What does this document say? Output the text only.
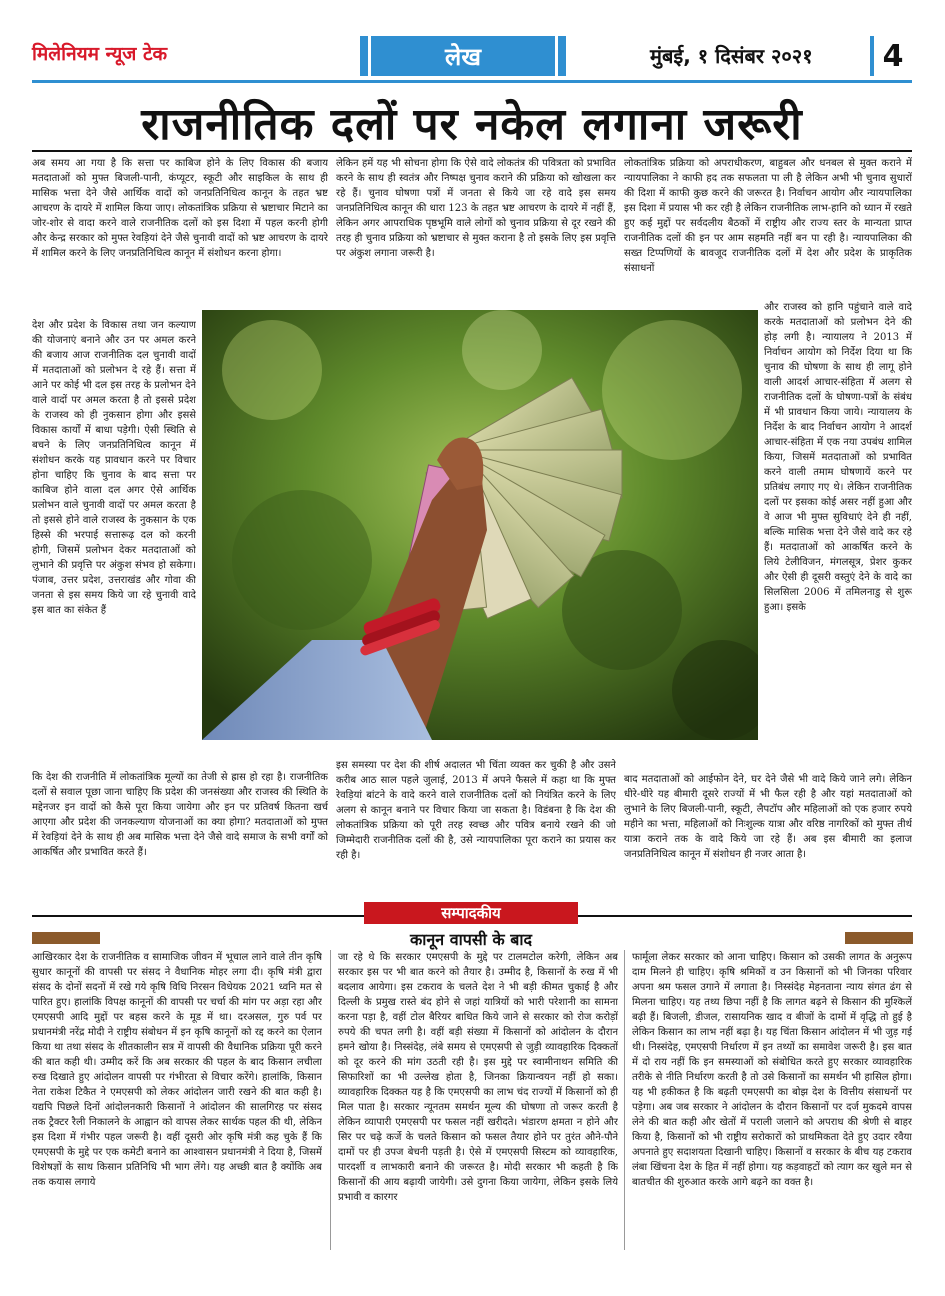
मिलेनियम न्यूज टेक	लेख	मुंबई, १ दिसंबर २०२१ 4
राजनीतिक दलों पर नकेल लगाना जरूरी

अब समय आ गया है कि सत्ता पर काबिज होने के लिए विकास की बजाय मतदाताओं को मुफ्त बिजली-पानी, कंप्यूटर, स्कूटी और साइकिल के साथ ही मासिक भत्ता देने जैसे आर्थिक वादों को जनप्रतिनिधित्व कानून के तहत भ्रष्ट आचरण के दायरे में शामिल किया जाए। लोकतांत्रिक प्रक्रिया से भ्रष्टाचार मिटाने का जोर-शोर से वादा करने वाले राजनीतिक दलों को इस दिशा में पहल करनी होगी और केन्द्र सरकार को मुफ्त रेवड़ियां देने जैसे चुनावी वादों को भ्रष्ट आचरण के दायरे में शामिल करने के लिए जनप्रतिनिधित्व कानून में संशोधन करना होगा।

देश और प्रदेश के विकास तथा जन कल्याण की योजनाएं बनाने और उन पर अमल करने की बजाय आज राजनीतिक दल चुनावी वादों में मतदाताओं को प्रलोभन दे रहे हैं। सत्ता में आने पर कोई भी दल इस तरह के प्रलोभन देने वाले वादों पर अमल करता है तो इससे प्रदेश के राजस्व को ही नुकसान होगा और इससे विकास कार्यों में बाधा पड़ेगी। ऐसी स्थिति से बचने के लिए जनप्रतिनिधित्व कानून में संशोधन करके यह प्रावधान करने पर विचार होना चाहिए कि चुनाव के बाद सत्ता पर काबिज होने वाला दल अगर ऐसे आर्थिक प्रलोभन वाले चुनावी वादों पर अमल करता है तो इससे होने वाले राजस्व के नुकसान के एक हिस्से की भरपाई सत्तारूढ़ दल को करनी होगी, जिसमें प्रलोभन देकर मतदाताओं को लुभाने की प्रवृत्ति पर अंकुश संभव हो सकेगा। पंजाब, उत्तर प्रदेश, उत्तराखंड और गोवा की जनता से इस समय किये जा रहे चुनावी वादे इस बात का संकेत हैं

कि देश की राजनीति में लोकतांत्रिक मूल्यों का तेजी से ह्रास हो रहा है। राजनीतिक दलों से सवाल पूछा जाना चाहिए कि प्रदेश की जनसंख्या और राजस्व की स्थिति के मद्देनजर इन वादों को कैसे पूरा किया जायेगा और इन पर प्रतिवर्ष कितना खर्च आएगा और प्रदेश की जनकल्याण योजनाओं का क्या होगा? मतदाताओं को मुफ्त में रेवड़ियां देने के साथ ही अब मासिक भत्ता देने जैसे वादे समाज के सभी वर्गों को आकर्षित और प्रभावित करते हैं।

लेकिन हमें यह भी सोचना होगा कि ऐसे वादे लोकतंत्र की पवित्रता को प्रभावित करने के साथ ही स्वतंत्र और निष्पक्ष चुनाव कराने की प्रक्रिया को खोखला कर रहे हैं। चुनाव घोषणा पत्रों में जनता से किये जा रहे वादे इस समय जनप्रतिनिधित्व कानून की धारा 123 के तहत भ्रष्ट आचरण के दायरे में नहीं हैं, लेकिन अगर आपराधिक पृष्ठभूमि वाले लोगों को चुनाव प्रक्रिया से दूर रखने की तरह ही चुनाव प्रक्रिया को भ्रष्टाचार से मुक्त कराना है तो इसके लिए इस प्रवृत्ति पर अंकुश लगाना जरूरी है।

इस समस्या पर देश की शीर्ष अदालत भी चिंता व्यक्त कर चुकी है और उसने करीब आठ साल पहले जुलाई, 2013 में अपने फैसले में कहा था कि मुफ्त रेवड़ियां बांटने के वादे करने वाले राजनीतिक दलों को नियंत्रित करने के लिए अलग से कानून बनाने पर विचार किया जा सकता है। विडंबना है कि देश की लोकतांत्रिक प्रक्रिया को पूरी तरह स्वच्छ और पवित्र बनाये रखने की जो जिम्मेदारी राजनीतिक दलों की है, उसे न्यायपालिका पूरा कराने का प्रयास कर रही है।

लोकतांत्रिक प्रक्रिया को अपराधीकरण, बाहुबल और धनबल से मुक्त कराने में न्यायपालिका ने काफी हद तक सफलता पा ली है लेकिन अभी भी चुनाव सुधारों की दिशा में काफी कुछ करने की जरूरत है। निर्वाचन आयोग और न्यायपालिका इस दिशा में प्रयास भी कर रही है लेकिन राजनीतिक लाभ-हानि को ध्यान में रखते हुए कई मुद्दों पर सर्वदलीय बैठकों में राष्ट्रीय और राज्य स्तर के मान्यता प्राप्त राजनीतिक दलों की इन पर आम सहमति नहीं बन पा रही है। न्यायपालिका की सख्त टिप्पणियों के बावजूद राजनीतिक दलों में देश और प्रदेश के प्राकृतिक संसाधनों

और राजस्व को हानि पहुंचाने वाले वादे करके मतदाताओं को प्रलोभन देने की होड़ लगी है। न्यायालय ने 2013 में निर्वाचन आयोग को निर्देश दिया था कि चुनाव की घोषणा के साथ ही लागू होने वाली आदर्श आचार-संहिता में अलग से राजनीतिक दलों के घोषणा-पत्रों के संबंध में भी प्रावधान किया जाये। न्यायालय के निर्देश के बाद निर्वाचन आयोग ने आदर्श आचार-संहिता में एक नया उपबंध शामिल किया, जिसमें मतदाताओं को प्रभावित करने वाली तमाम घोषणायें करने पर प्रतिबंध लगाए गए थे। लेकिन राजनीतिक दलों पर इसका कोई असर नहीं हुआ और वे आज भी मुफ्त सुविधाएं देने ही नहीं, बल्कि मासिक भत्ता देने जैसे वादे कर रहे हैं। मतदाताओं को आकर्षित करने के लिये टेलीविजन, मंगलसूत्र, प्रेशर कुकर और ऐसी ही दूसरी वस्तुएं देने के वादे का सिलसिला 2006 में तमिलनाडु से शुरू हुआ। इसके

बाद मतदाताओं को आईफोन देने, घर देने जैसे भी वादे किये जाने लगे। लेकिन धीरे-धीरे यह बीमारी दूसरे राज्यों में भी फैल रही है और यहां मतदाताओं को लुभाने के लिए बिजली-पानी, स्कूटी, लैपटॉप और महिलाओं को एक हजार रुपये महीने का भत्ता, महिलाओं को निःशुल्क यात्रा और वरिष्ठ नागरिकों को मुफ्त तीर्थ यात्रा कराने तक के वादे किये जा रहे हैं। अब इस बीमारी का इलाज जनप्रतिनिधित्व कानून में संशोधन ही नजर आता है।

सम्पादकीय
कानून वापसी के बाद

आखिरकार देश के राजनीतिक व सामाजिक जीवन में भूचाल लाने वाले तीन कृषि सुधार कानूनों की वापसी पर संसद ने वैधानिक मोहर लगा दी। कृषि मंत्री द्वारा संसद के दोनों सदनों में रखे गये कृषि विधि निरसन विधेयक 2021 ध्वनि मत से पारित हुए। हालांकि विपक्ष कानूनों की वापसी पर चर्चा की मांग पर अड़ा रहा और एमएसपी आदि मुद्दों पर बहस करने के मूड में था। दरअसल, गुरु पर्व पर प्रधानमंत्री नरेंद्र मोदी ने राष्ट्रीय संबोधन में इन कृषि कानूनों को रद्द करने का ऐलान किया था तथा संसद के शीतकालीन सत्र में वापसी की वैधानिक प्रक्रिया पूरी करने की बात कही थी। उम्मीद करें कि अब सरकार की पहल के बाद किसान लचीला रुख दिखाते हुए आंदोलन वापसी पर गंभीरता से विचार करेंगे। हालांकि, किसान नेता राकेश टिकैत ने एमएसपी को लेकर आंदोलन जारी रखने की बात कही है। यद्यपि पिछले दिनों आंदोलनकारी किसानों ने आंदोलन की सालगिरह पर संसद तक ट्रैक्टर रैली निकालने के आह्वान को वापस लेकर सार्थक पहल की थी, लेकिन इस दिशा में गंभीर पहल जरूरी है। वहीं दूसरी ओर कृषि मंत्री कह चुके हैं कि एमएसपी के मुद्दे पर एक कमेटी बनाने का आश्वासन प्रधानमंत्री ने दिया है, जिसमें विशेषज्ञों के साथ किसान प्रतिनिधि भी भाग लेंगे। यह अच्छी बात है क्योंकि अब तक कयास लगाये

जा रहे थे कि सरकार एमएसपी के मुद्दे पर टालमटोल करेगी, लेकिन अब सरकार इस पर भी बात करने को तैयार है। उम्मीद है, किसानों के रुख में भी बदलाव आयेगा। इस टकराव के चलते देश ने भी बड़ी कीमत चुकाई है और दिल्ली के प्रमुख रास्ते बंद होने से जहां यात्रियों को भारी परेशानी का सामना करना पड़ा है, वहीं टोल बैरियर बाधित किये जाने से सरकार को रोज करोड़ों रुपये की चपत लगी है। वहीं बड़ी संख्या में किसानों को आंदोलन के दौरान हमने खोया है। निस्संदेह, लंबे समय से एमएसपी से जुड़ी व्यावहारिक दिक्कतों को दूर करने की मांग उठती रही है। इस मुद्दे पर स्वामीनाथन समिति की सिफारिशों का भी उल्लेख होता है, जिनका क्रियान्वयन नहीं हो सका। व्यावहारिक दिक्कत यह है कि एमएसपी का लाभ चंद राज्यों में किसानों को ही मिल पाता है। सरकार न्यूनतम समर्थन मूल्य की घोषणा तो जरूर करती है लेकिन व्यापारी एमएसपी पर फसल नहीं खरीदते। भंडारण क्षमता न होने और सिर पर चढ़े कर्जे के चलते किसान को फसल तैयार होने पर तुरंत औने-पौने दामों पर ही उपज बेचनी पड़ती है। ऐसे में एमएसपी सिस्टम को व्यावहारिक, पारदर्शी व लाभकारी बनाने की जरूरत है। मोदी सरकार भी कहती है कि किसानों की आय बढ़ायी जायेगी। उसे दुगना किया जायेगा, लेकिन इसके लिये प्रभावी व कारगर

फार्मूला लेकर सरकार को आना चाहिए। किसान को उसकी लागत के अनुरूप दाम मिलने ही चाहिए। कृषि श्रमिकों व उन किसानों को भी जिनका परिवार अपना श्रम फसल उगाने में लगाता है। निस्संदेह मेहनताना न्याय संगत ढंग से मिलना चाहिए। यह तथ्य छिपा नहीं है कि लागत बढ़ने से किसान की मुश्किलें बढ़ी हैं। बिजली, डीजल, रासायनिक खाद व बीजों के दामों में वृद्धि तो हुई है लेकिन किसान का लाभ नहीं बढ़ा है। यह चिंता किसान आंदोलन में भी जुड़ गई थी। निस्संदेह, एमएसपी निर्धारण में इन तथ्यों का समावेश जरूरी है। इस बात में दो राय नहीं कि इन समस्याओं को संबोधित करते हुए सरकार व्यावहारिक तरीके से नीति निर्धारण करती है तो उसे किसानों का समर्थन भी हासिल होगा। यह भी हकीकत है कि बढ़ती एमएसपी का बोझ देश के वित्तीय संसाधनों पर पड़ेगा। अब जब सरकार ने आंदोलन के दौरान किसानों पर दर्ज मुकदमे वापस लेने की बात कही और खेतों में पराली जलाने को अपराध की श्रेणी से बाहर किया है, किसानों को भी राष्ट्रीय सरोकारों को प्राथमिकता देते हुए उदार रवैया अपनाते हुए सदाशयता दिखानी चाहिए। किसानों व सरकार के बीच यह टकराव लंबा खिंचना देश के हित में नहीं होगा। यह कड़वाहटों को त्याग कर खुले मन से बातचीत की शुरुआत करके आगे बढ़ने का वक्त है।
